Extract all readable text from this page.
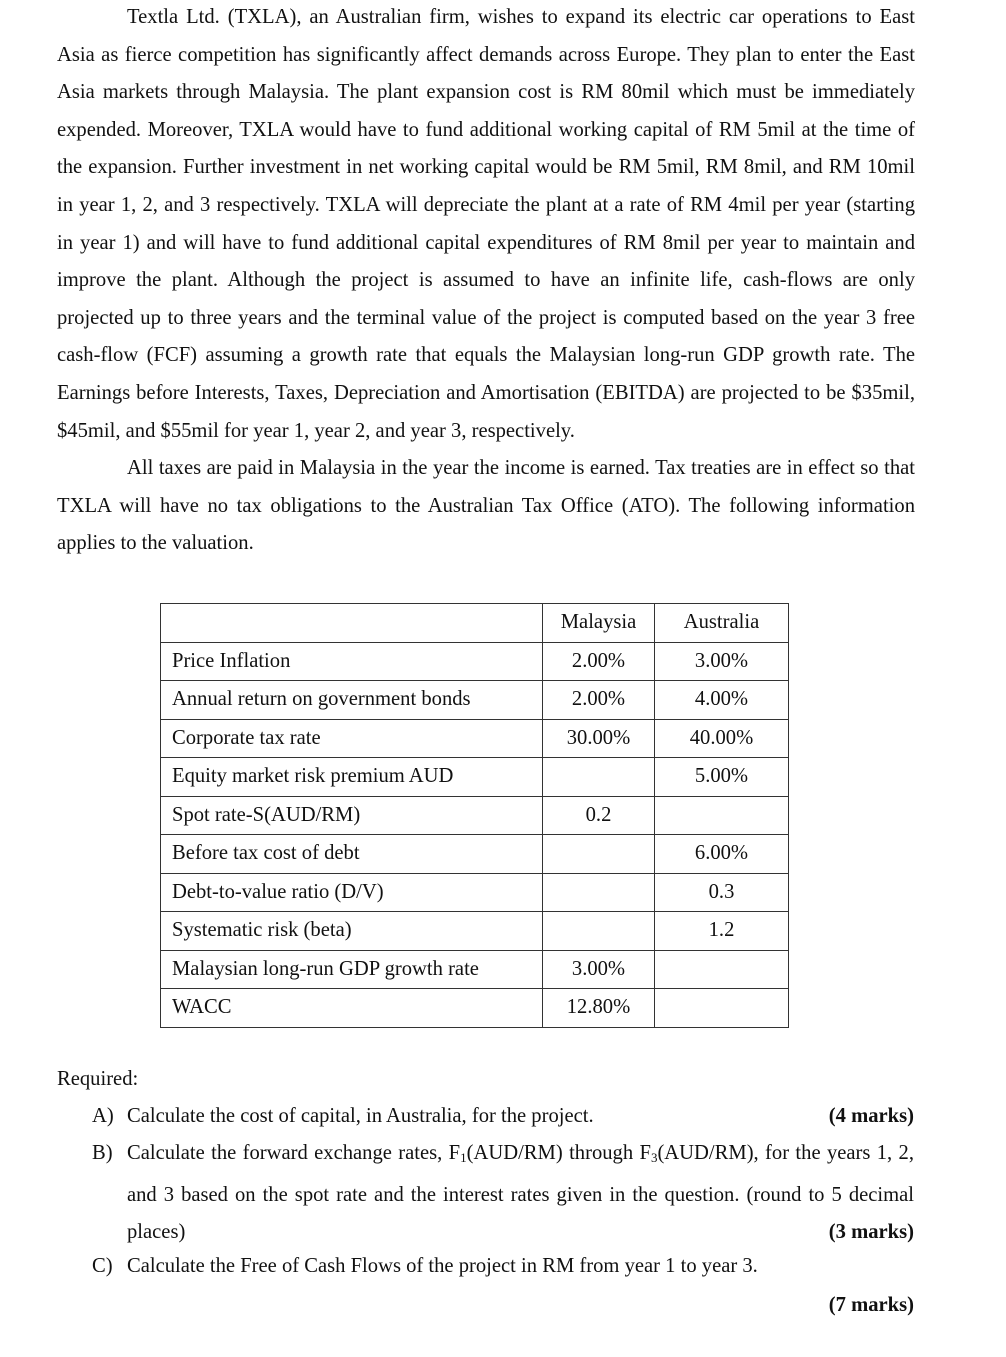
Textla Ltd. (TXLA), an Australian firm, wishes to expand its electric car operations to East Asia as fierce competition has significantly affect demands across Europe. They plan to enter the East Asia markets through Malaysia. The plant expansion cost is RM 80mil which must be immediately expended. Moreover, TXLA would have to fund additional working capital of RM 5mil at the time of the expansion. Further investment in net working capital would be RM 5mil, RM 8mil, and RM 10mil in year 1, 2, and 3 respectively. TXLA will depreciate the plant at a rate of RM 4mil per year (starting in year 1) and will have to fund additional capital expenditures of RM 8mil per year to maintain and improve the plant. Although the project is assumed to have an infinite life, cash-flows are only projected up to three years and the terminal value of the project is computed based on the year 3 free cash-flow (FCF) assuming a growth rate that equals the Malaysian long-run GDP growth rate. The Earnings before Interests, Taxes, Depreciation and Amortisation (EBITDA) are projected to be $35mil, $45mil, and $55mil for year 1, year 2, and year 3, respectively.

All taxes are paid in Malaysia in the year the income is earned. Tax treaties are in effect so that TXLA will have no tax obligations to the Australian Tax Office (ATO). The following information applies to the valuation.

	Malaysia	Australia
Price Inflation	2.00%	3.00%
Annual return on government bonds	2.00%	4.00%
Corporate tax rate	30.00%	40.00%
Equity market risk premium AUD		5.00%
Spot rate-S(AUD/RM)	0.2	
Before tax cost of debt		6.00%
Debt-to-value ratio (D/V)		0.3
Systematic risk (beta)		1.2
Malaysian long-run GDP growth rate	3.00%	
WACC	12.80%	
Required:
A) Calculate the cost of capital, in Australia, for the project.	(4 marks)
B) Calculate the forward exchange rates, $F_1(AUD/RM)$ through $F_3(AUD/RM)$, for the years 1, 2, and 3 based on the spot rate and the interest rates given in the question. (round to 5 decimal places)	(3 marks)
C) Calculate the Free of Cash Flows of the project in RM from year 1 to year 3.
(7 marks)
